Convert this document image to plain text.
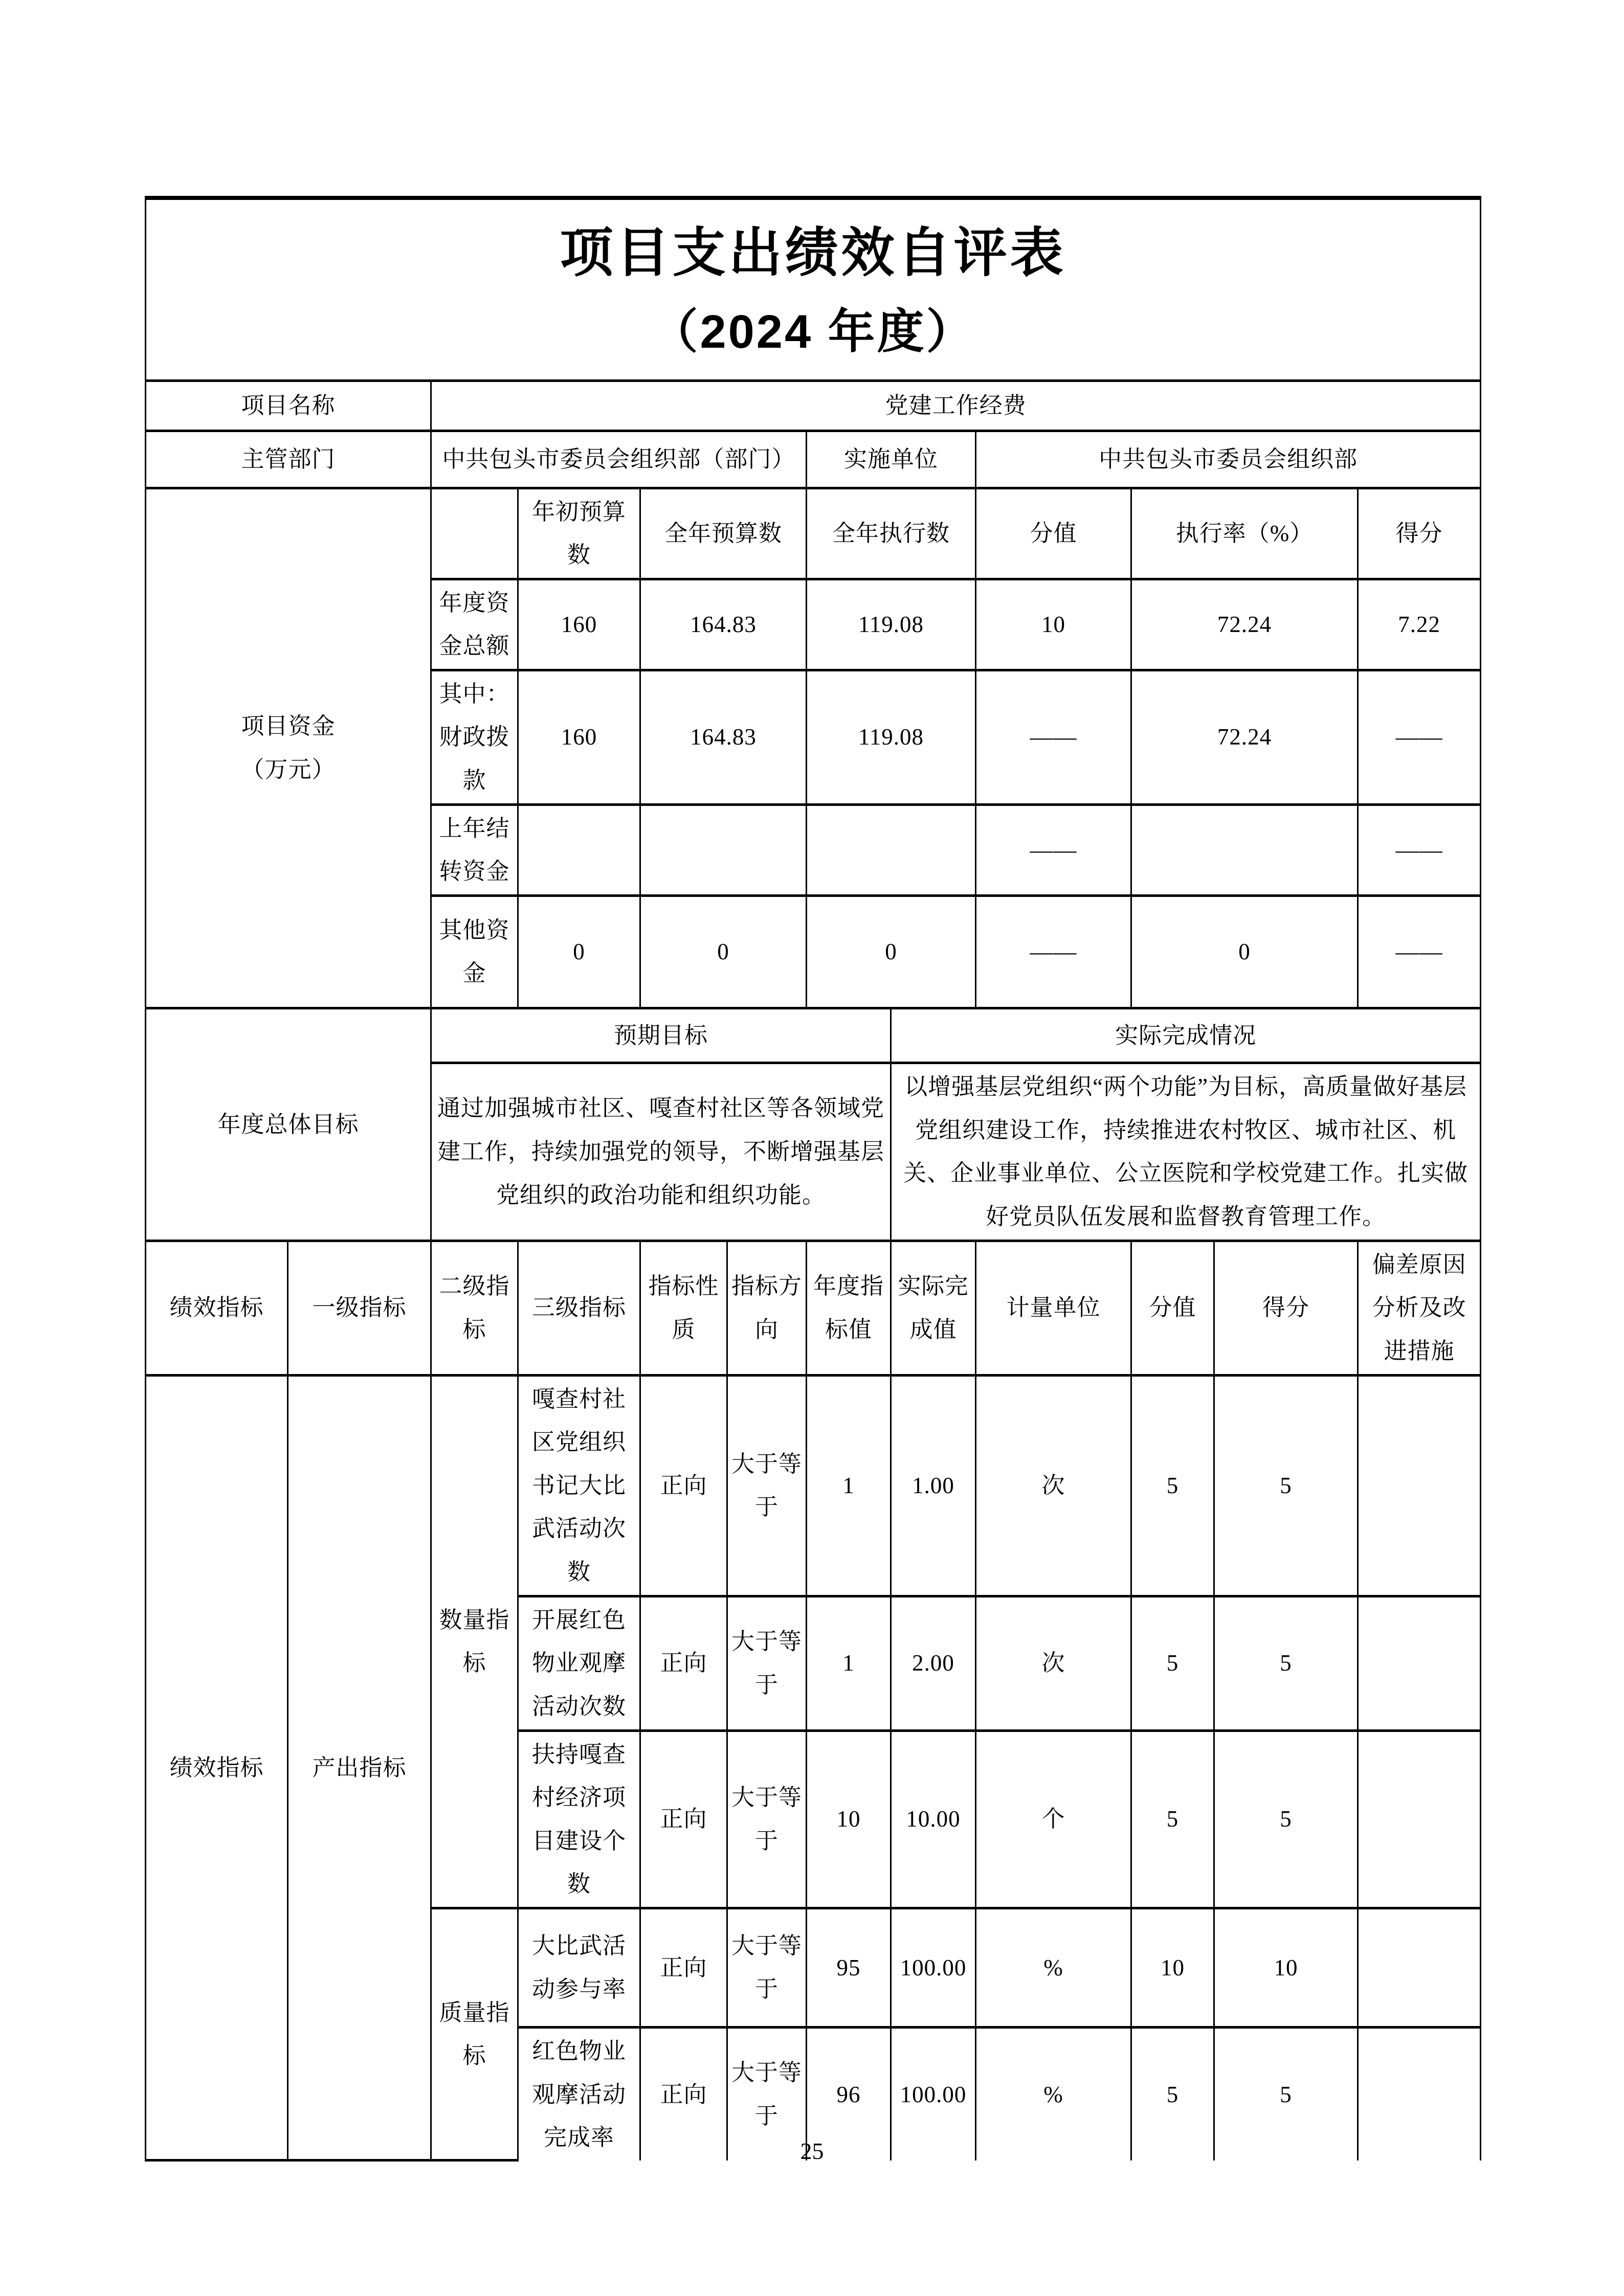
项目支出绩效自评表
（2024 年度）											

项目名称		党建工作经费									
主管部门		中共包头市委员会组织部（部门）				实施单位		中共包头市委员会组织部			

项目资金
（万元）			年初预算数	全年预算数		全年执行数		分值	执行率（%）		得分
		年度资金总额	160	164.83		119.08		10	72.24		7.22
		其中：财政拨款	160	164.83		119.08		——	72.24		——
		上年结转资金						——			——
		其他资金	0	0		0		——	0		——
年度总体目标		预期目标					实际完成情况				
		通过加强城市社区、嘎查村社区等各领域党建工作，持续加强党的领导，不断增强基层党组织的政治功能和组织功能。					以增强基层党组织“两个功能”为目标，高质量做好基层党组织建设工作，持续推进农村牧区、城市社区、机关、企业事业单位、公立医院和学校党建工作。扎实做好党员队伍发展和监督教育管理工作。				
绩效指标	一级指标	二级指标	三级指标	指标性质	指标方向	年度指标值	实际完成值	计量单位	分值	得分	偏差原因分析及改进措施
绩效指标	产出指标	数量指标	嘎查村社区党组织书记大比武活动次数	正向	大于等于	1	1.00	次	5	5	
			开展红色物业观摩活动次数	正向	大于等于	1	2.00	次	5	5	
			扶持嘎查村经济项目建设个数	正向	大于等于	10	10.00	个	5	5	
		质量指标	大比武活动参与率	正向	大于等于	95	100.00	%	10	10	
			红色物业观摩活动完成率	正向	大于等于	96	100.00	%	5	5	
25
